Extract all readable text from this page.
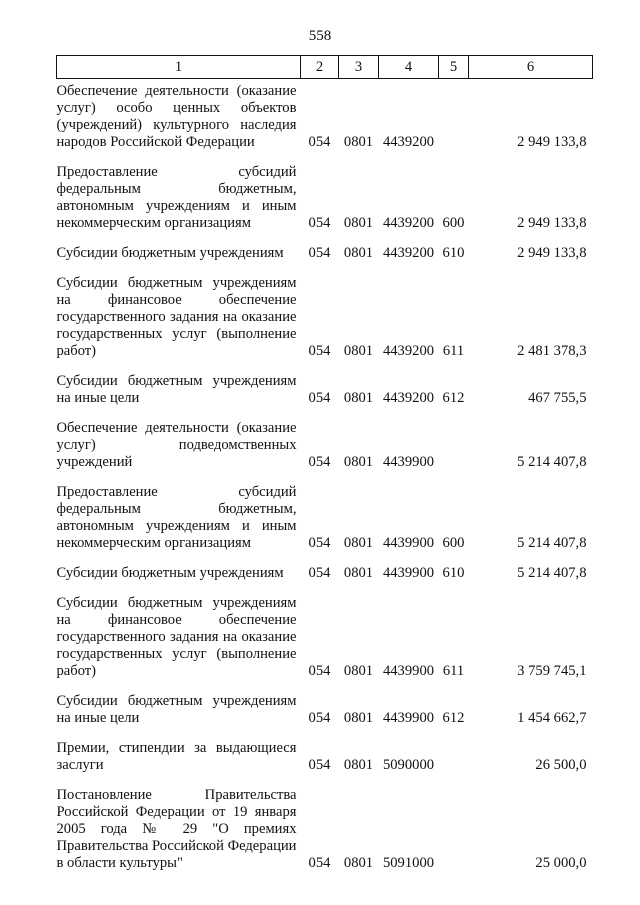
558
1	2	3	4	5	6
Обеспечение деятельности (оказание услуг) особо ценных объектов (учреждений) культурного наследия народов Российской Федерации	054	0801	4439200		2 949 133,8
Предоставление субсидий федеральным бюджетным, автономным учреждениям и иным некоммерческим организациям	054	0801	4439200	600	2 949 133,8
Субсидии бюджетным учреждениям	054	0801	4439200	610	2 949 133,8
Субсидии бюджетным учреждениям на финансовое обеспечение государственного задания на оказание государственных услуг (выполнение работ)	054	0801	4439200	611	2 481 378,3
Субсидии бюджетным учреждениям на иные цели	054	0801	4439200	612	467 755,5
Обеспечение деятельности (оказание услуг) подведомственных учреждений	054	0801	4439900		5 214 407,8
Предоставление субсидий федеральным бюджетным, автономным учреждениям и иным некоммерческим организациям	054	0801	4439900	600	5 214 407,8
Субсидии бюджетным учреждениям	054	0801	4439900	610	5 214 407,8
Субсидии бюджетным учреждениям на финансовое обеспечение государственного задания на оказание государственных услуг (выполнение работ)	054	0801	4439900	611	3 759 745,1
Субсидии бюджетным учреждениям на иные цели	054	0801	4439900	612	1 454 662,7
Премии, стипендии за выдающиеся заслуги	054	0801	5090000		26 500,0
Постановление Правительства Российской Федерации от 19 января 2005 года № 29 "О премиях Правительства Российской Федерации в области культуры"	054	0801	5091000		25 000,0
